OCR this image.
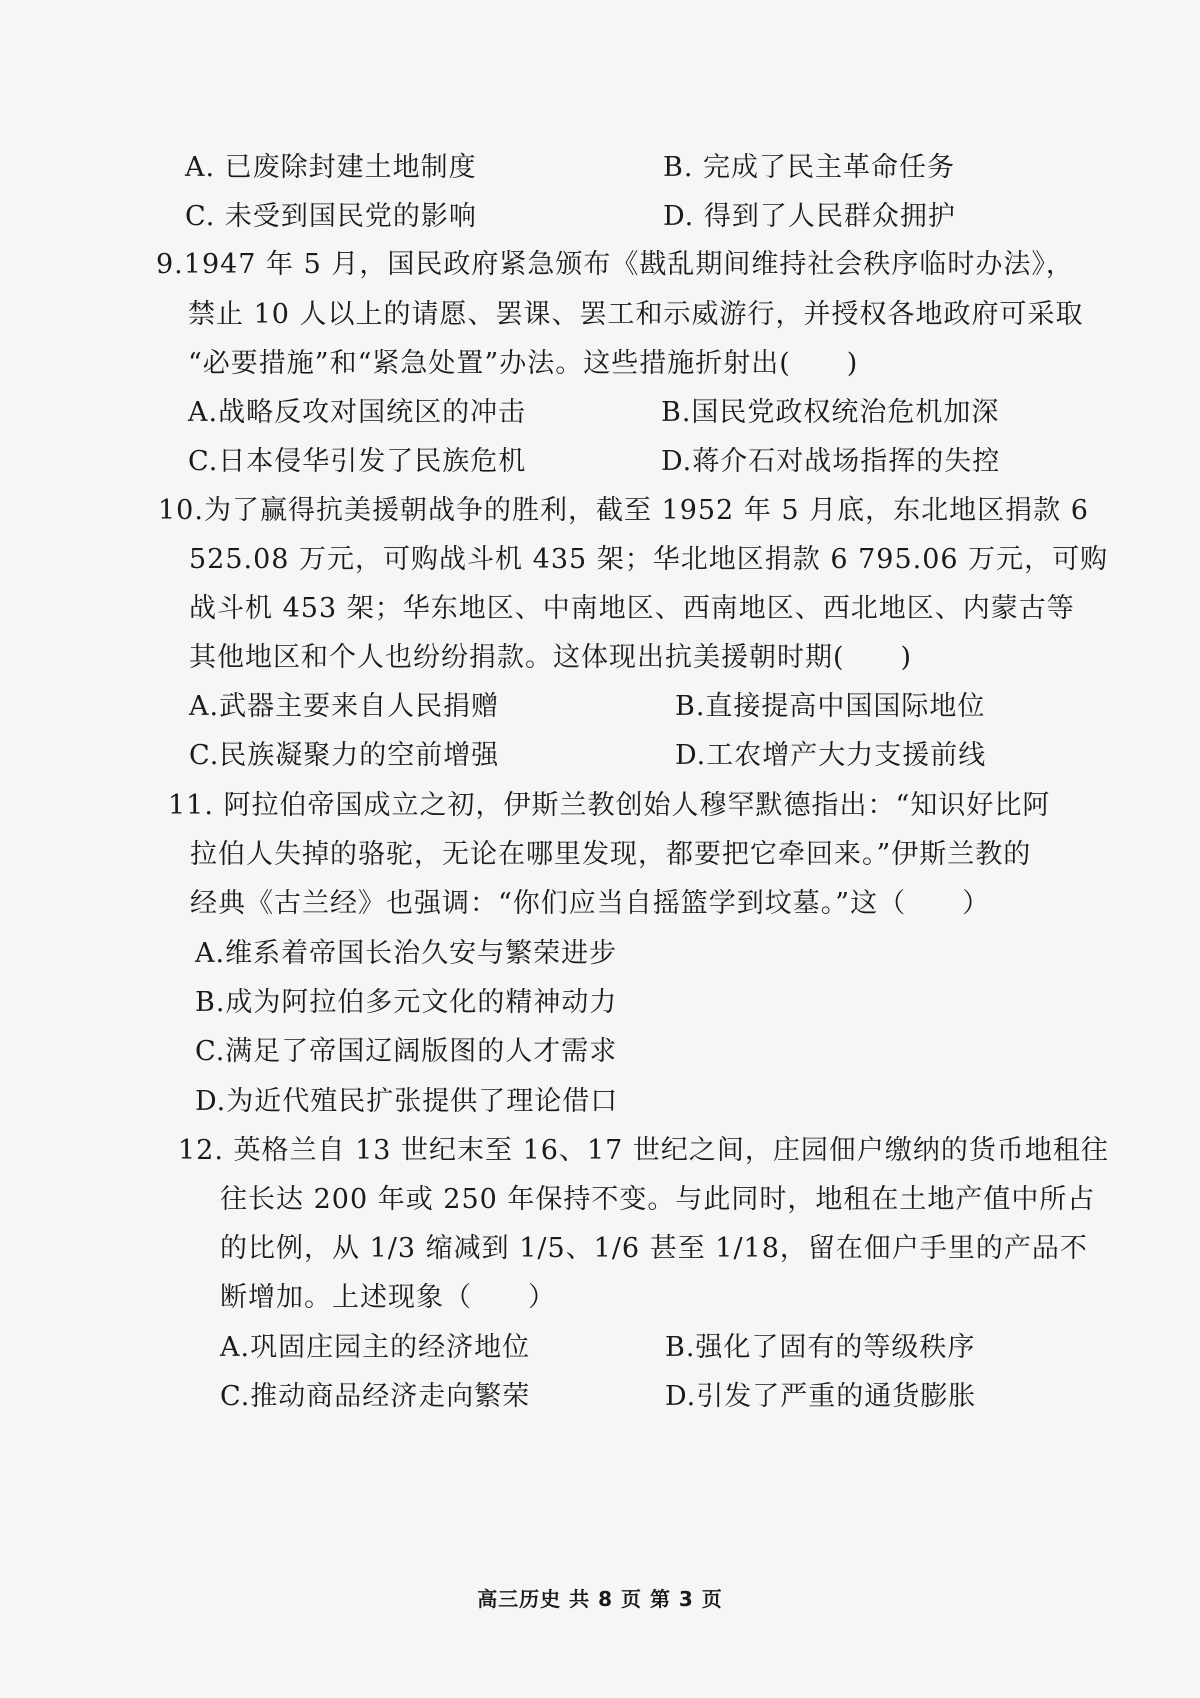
A. 已废除封建土地制度	B. 完成了民主革命任务
C. 未受到国民党的影响	D. 得到了人民群众拥护
9.1947 年 5 月，国民政府紧急颁布《戡乱期间维持社会秩序临时办法》，
禁止 10 人以上的请愿、罢课、罢工和示威游行，并授权各地政府可采取
“必要措施”和“紧急处置”办法。这些措施折射出(　　)
A.战略反攻对国统区的冲击	B.国民党政权统治危机加深
C.日本侵华引发了民族危机	D.蒋介石对战场指挥的失控
10.为了赢得抗美援朝战争的胜利，截至 1952 年 5 月底，东北地区捐款 6
525.08 万元，可购战斗机 435 架；华北地区捐款 6 795.06 万元，可购
战斗机 453 架；华东地区、中南地区、西南地区、西北地区、内蒙古等
其他地区和个人也纷纷捐款。这体现出抗美援朝时期(　　)
A.武器主要来自人民捐赠	B.直接提高中国国际地位
C.民族凝聚力的空前增强	D.工农增产大力支援前线
11. 阿拉伯帝国成立之初，伊斯兰教创始人穆罕默德指出：“知识好比阿
拉伯人失掉的骆驼，无论在哪里发现，都要把它牵回来。”伊斯兰教的
经典《古兰经》也强调：“你们应当自摇篮学到坟墓。”这（　　）
A.维系着帝国长治久安与繁荣进步
B.成为阿拉伯多元文化的精神动力
C.满足了帝国辽阔版图的人才需求
D.为近代殖民扩张提供了理论借口
12. 英格兰自 13 世纪末至 16、17 世纪之间，庄园佃户缴纳的货币地租往
往长达 200 年或 250 年保持不变。与此同时，地租在土地产值中所占
的比例，从 1/3 缩减到 1/5、1/6 甚至 1/18，留在佃户手里的产品不
断增加。上述现象（　　）
A.巩固庄园主的经济地位	B.强化了固有的等级秩序
C.推动商品经济走向繁荣	D.引发了严重的通货膨胀
高三历史 共 8 页 第 3 页
